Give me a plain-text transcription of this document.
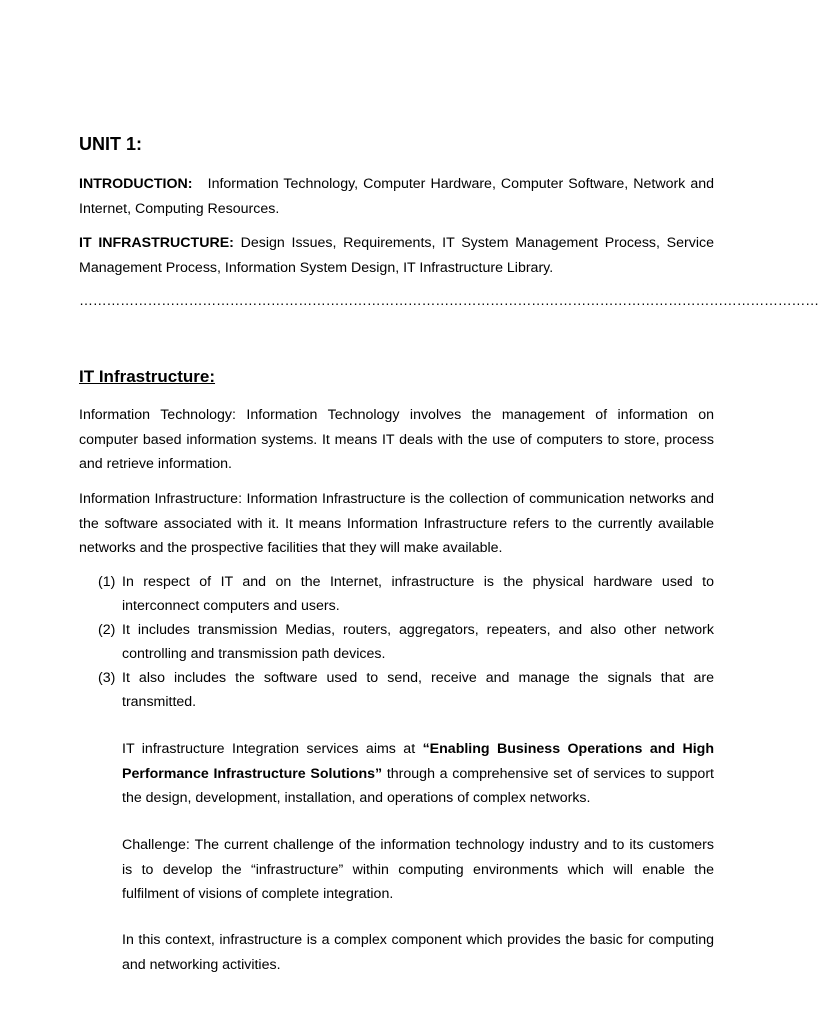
UNIT 1:

INTRODUCTION: Information Technology, Computer Hardware, Computer Software, Network and Internet, Computing Resources.

IT INFRASTRUCTURE: Design Issues, Requirements, IT System Management Process, Service Management Process, Information System Design, IT Infrastructure Library.

………………………………………………………………………………………………………………………………………………
IT Infrastructure:

Information Technology: Information Technology involves the management of information on computer based information systems. It means IT deals with the use of computers to store, process and retrieve information.

Information Infrastructure: Information Infrastructure is the collection of communication networks and the software associated with it. It means Information Infrastructure refers to the currently available networks and the prospective facilities that they will make available.

(1) In respect of IT and on the Internet, infrastructure is the physical hardware used to interconnect computers and users.
(2) It includes transmission Medias, routers, aggregators, repeaters, and also other network controlling and transmission path devices.
(3) It also includes the software used to send, receive and manage the signals that are transmitted.

IT infrastructure Integration services aims at “Enabling Business Operations and High Performance Infrastructure Solutions” through a comprehensive set of services to support the design, development, installation, and operations of complex networks.

Challenge: The current challenge of the information technology industry and to its customers is to develop the “infrastructure” within computing environments which will enable the fulfilment of visions of complete integration.

In this context, infrastructure is a complex component which provides the basic for computing and networking activities.
